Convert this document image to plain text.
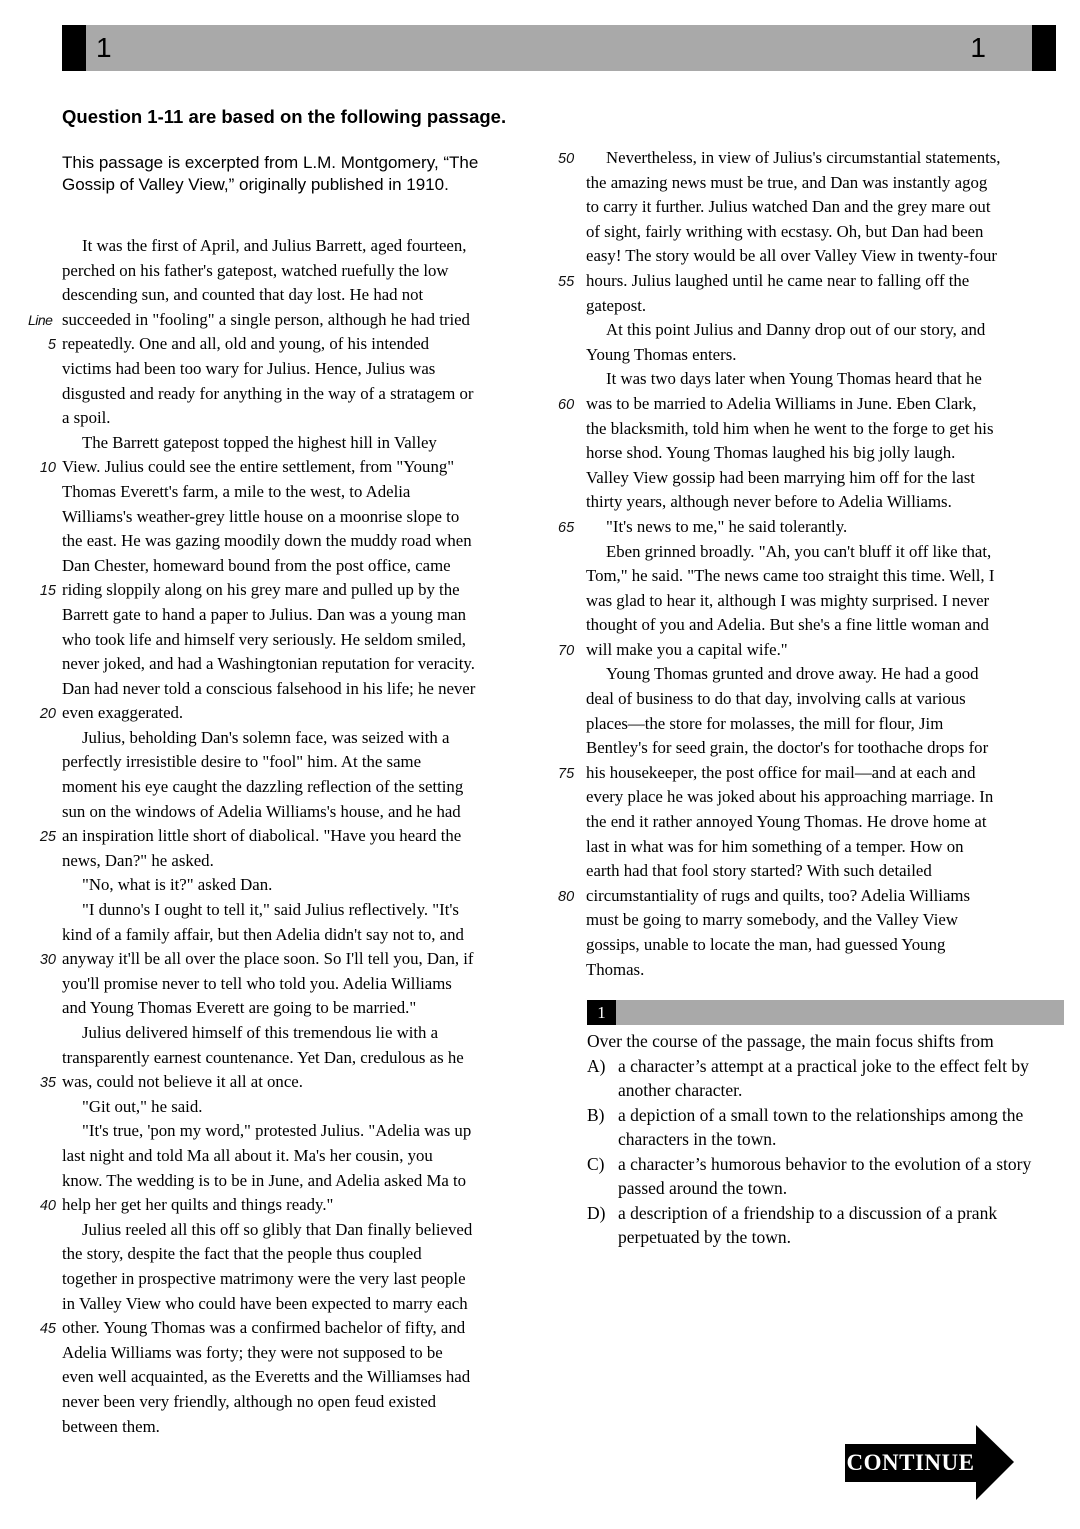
1	1
Question 1-11 are based on the following passage.
This passage is excerpted from L.M. Montgomery, “The Gossip of Valley View,” originally published in 1910.
It was the first of April, and Julius Barrett, aged fourteen,
perched on his father's gatepost, watched ruefully the low
descending sun, and counted that day lost. He had not
Line succeeded in "fooling" a single person, although he had tried
5 repeatedly. One and all, old and young, of his intended
victims had been too wary for Julius. Hence, Julius was
disgusted and ready for anything in the way of a stratagem or
a spoil.
The Barrett gatepost topped the highest hill in Valley
10 View. Julius could see the entire settlement, from "Young"
Thomas Everett's farm, a mile to the west, to Adelia
Williams's weather-grey little house on a moonrise slope to
the east. He was gazing moodily down the muddy road when
Dan Chester, homeward bound from the post office, came
15 riding sloppily along on his grey mare and pulled up by the
Barrett gate to hand a paper to Julius. Dan was a young man
who took life and himself very seriously. He seldom smiled,
never joked, and had a Washingtonian reputation for veracity.
Dan had never told a conscious falsehood in his life; he never
20 even exaggerated.
Julius, beholding Dan's solemn face, was seized with a
perfectly irresistible desire to "fool" him. At the same
moment his eye caught the dazzling reflection of the setting
sun on the windows of Adelia Williams's house, and he had
25 an inspiration little short of diabolical. "Have you heard the
news, Dan?" he asked.
"No, what is it?" asked Dan.
"I dunno's I ought to tell it," said Julius reflectively. "It's
kind of a family affair, but then Adelia didn't say not to, and
30 anyway it'll be all over the place soon. So I'll tell you, Dan, if
you'll promise never to tell who told you. Adelia Williams
and Young Thomas Everett are going to be married."
Julius delivered himself of this tremendous lie with a
transparently earnest countenance. Yet Dan, credulous as he
35 was, could not believe it all at once.
"Git out," he said.
"It's true, 'pon my word," protested Julius. "Adelia was up
last night and told Ma all about it. Ma's her cousin, you
know. The wedding is to be in June, and Adelia asked Ma to
40 help her get her quilts and things ready."
Julius reeled all this off so glibly that Dan finally believed
the story, despite the fact that the people thus coupled
together in prospective matrimony were the very last people
in Valley View who could have been expected to marry each
45 other. Young Thomas was a confirmed bachelor of fifty, and
Adelia Williams was forty; they were not supposed to be
even well acquainted, as the Everetts and the Williamses had
never been very friendly, although no open feud existed
between them.
50	Nevertheless, in view of Julius's circumstantial statements,
the amazing news must be true, and Dan was instantly agog
to carry it further. Julius watched Dan and the grey mare out
of sight, fairly writhing with ecstasy. Oh, but Dan had been
easy! The story would be all over Valley View in twenty-four
55 hours. Julius laughed until he came near to falling off the
gatepost.
At this point Julius and Danny drop out of our story, and
Young Thomas enters.
It was two days later when Young Thomas heard that he
60 was to be married to Adelia Williams in June. Eben Clark,
the blacksmith, told him when he went to the forge to get his
horse shod. Young Thomas laughed his big jolly laugh.
Valley View gossip had been marrying him off for the last
thirty years, although never before to Adelia Williams.
65	"It's news to me," he said tolerantly.
Eben grinned broadly. "Ah, you can't bluff it off like that,
Tom," he said. "The news came too straight this time. Well, I
was glad to hear it, although I was mighty surprised. I never
thought of you and Adelia. But she's a fine little woman and
70 will make you a capital wife."
Young Thomas grunted and drove away. He had a good
deal of business to do that day, involving calls at various
places—the store for molasses, the mill for flour, Jim
Bentley's for seed grain, the doctor's for toothache drops for
75 his housekeeper, the post office for mail—and at each and
every place he was joked about his approaching marriage. In
the end it rather annoyed Young Thomas. He drove home at
last in what was for him something of a temper. How on
earth had that fool story started? With such detailed
80 circumstantiality of rugs and quilts, too? Adelia Williams
must be going to marry somebody, and the Valley View
gossips, unable to locate the man, had guessed Young
Thomas.
1
Over the course of the passage, the main focus shifts from
A) a character’s attempt at a practical joke to the effect felt by another character.
B) a depiction of a small town to the relationships among the characters in the town.
C) a character’s humorous behavior to the evolution of a story passed around the town.
D) a description of a friendship to a discussion of a prank perpetuated by the town.
CONTINUE
